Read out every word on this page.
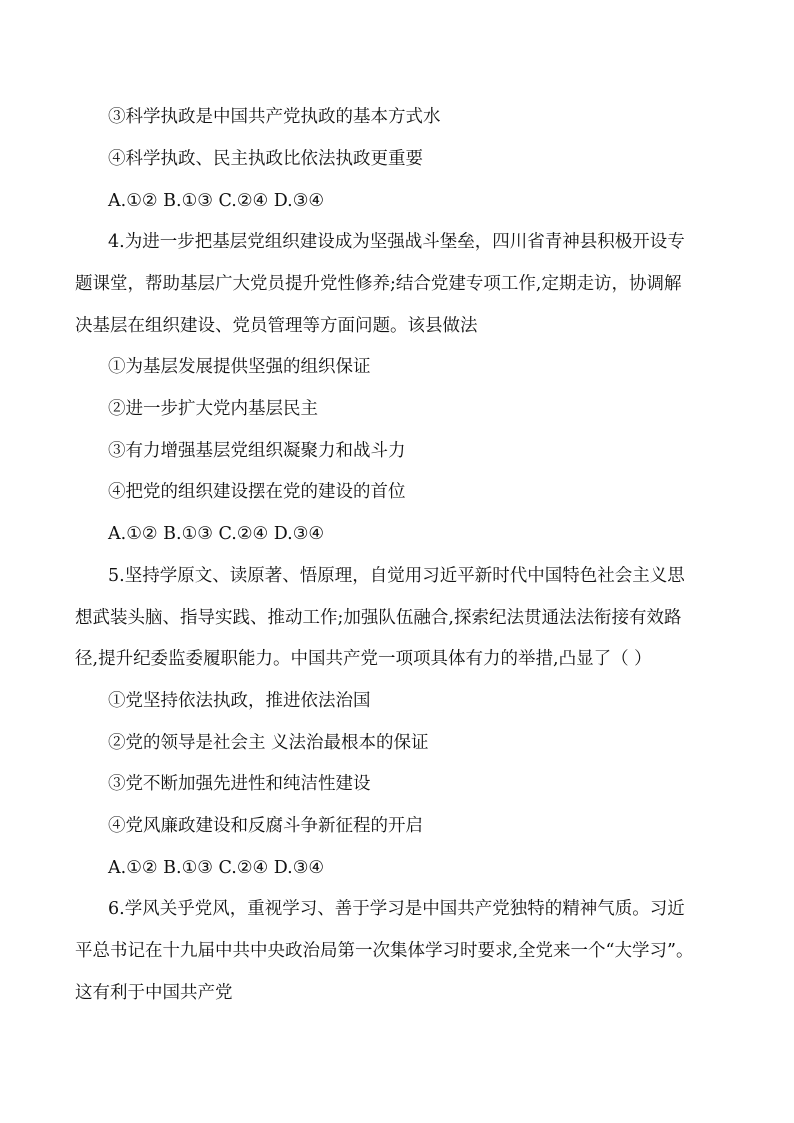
③科学执政是中国共产党执政的基本方式水
④科学执政、民主执政比依法执政更重要
A.①② B.①③ C.②④ D.③④
4.为进一步把基层党组织建设成为坚强战斗堡垒，四川省青神县积极开设专
题课堂，帮助基层广大党员提升党性修养;结合党建专项工作,定期走访，协调解
决基层在组织建设、党员管理等方面问题。该县做法
①为基层发展提供坚强的组织保证
②进一步扩大党内基层民主
③有力增强基层党组织凝聚力和战斗力
④把党的组织建设摆在党的建设的首位
A.①② B.①③ C.②④ D.③④
5.坚持学原文、读原著、悟原理，自觉用习近平新时代中国特色社会主义思
想武装头脑、指导实践、推动工作;加强队伍融合,探索纪法贯通法法衔接有效路
径,提升纪委监委履职能力。中国共产党一项项具体有力的举措,凸显了（ ）
①党坚持依法执政，推进依法治国
②党的领导是社会主 义法治最根本的保证
③党不断加强先进性和纯洁性建设
④党风廉政建设和反腐斗争新征程的开启
A.①② B.①③ C.②④ D.③④
6.学风关乎党风，重视学习、善于学习是中国共产党独特的精神气质。习近
平总书记在十九届中共中央政治局第一次集体学习时要求,全党来一个“大学习”。
这有利于中国共产党
